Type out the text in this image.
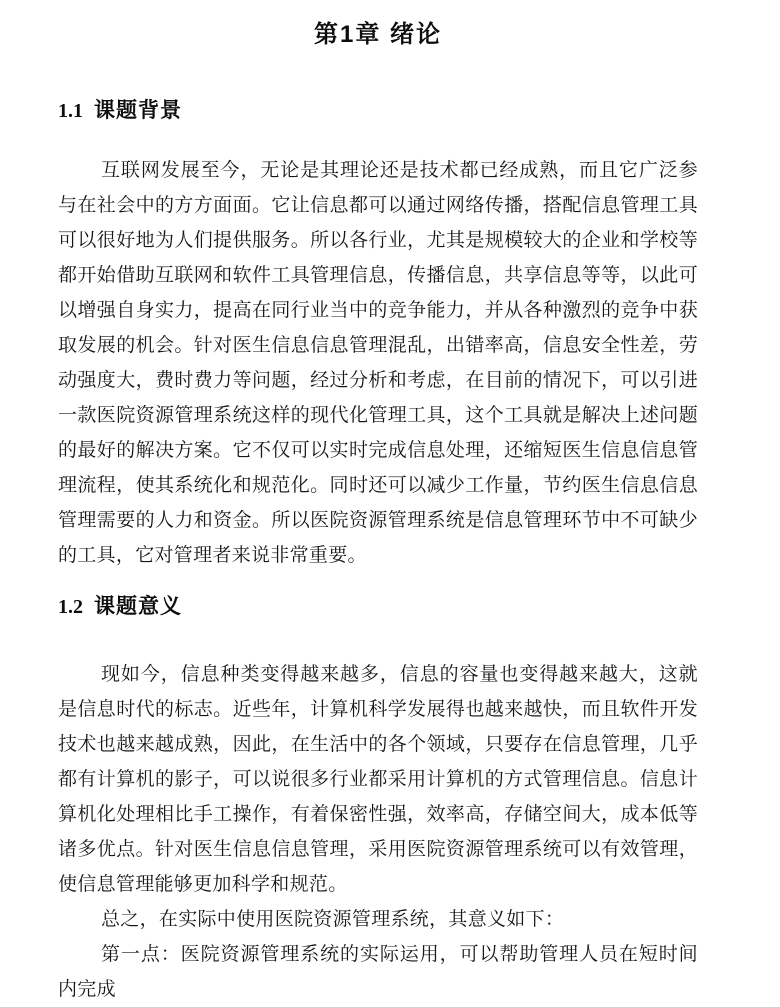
第1章 绪论
1.1 课题背景

互联网发展至今，无论是其理论还是技术都已经成熟，而且它广泛参与在社会中的方方面面。它让信息都可以通过网络传播，搭配信息管理工具可以很好地为人们提供服务。所以各行业，尤其是规模较大的企业和学校等都开始借助互联网和软件工具管理信息，传播信息，共享信息等等，以此可以增强自身实力，提高在同行业当中的竞争能力，并从各种激烈的竞争中获取发展的机会。针对医生信息信息管理混乱，出错率高，信息安全性差，劳动强度大，费时费力等问题，经过分析和考虑，在目前的情况下，可以引进一款医院资源管理系统这样的现代化管理工具，这个工具就是解决上述问题的最好的解决方案。它不仅可以实时完成信息处理，还缩短医生信息信息管理流程，使其系统化和规范化。同时还可以减少工作量，节约医生信息信息管理需要的人力和资金。所以医院资源管理系统是信息管理环节中不可缺少的工具，它对管理者来说非常重要。

1.2 课题意义

现如今，信息种类变得越来越多，信息的容量也变得越来越大，这就是信息时代的标志。近些年，计算机科学发展得也越来越快，而且软件开发技术也越来越成熟，因此，在生活中的各个领域，只要存在信息管理，几乎都有计算机的影子，可以说很多行业都采用计算机的方式管理信息。信息计算机化处理相比手工操作，有着保密性强，效率高，存储空间大，成本低等诸多优点。针对医生信息信息管理，采用医院资源管理系统可以有效管理，使信息管理能够更加科学和规范。

总之，在实际中使用医院资源管理系统，其意义如下：

第一点：医院资源管理系统的实际运用，可以帮助管理人员在短时间内完成
